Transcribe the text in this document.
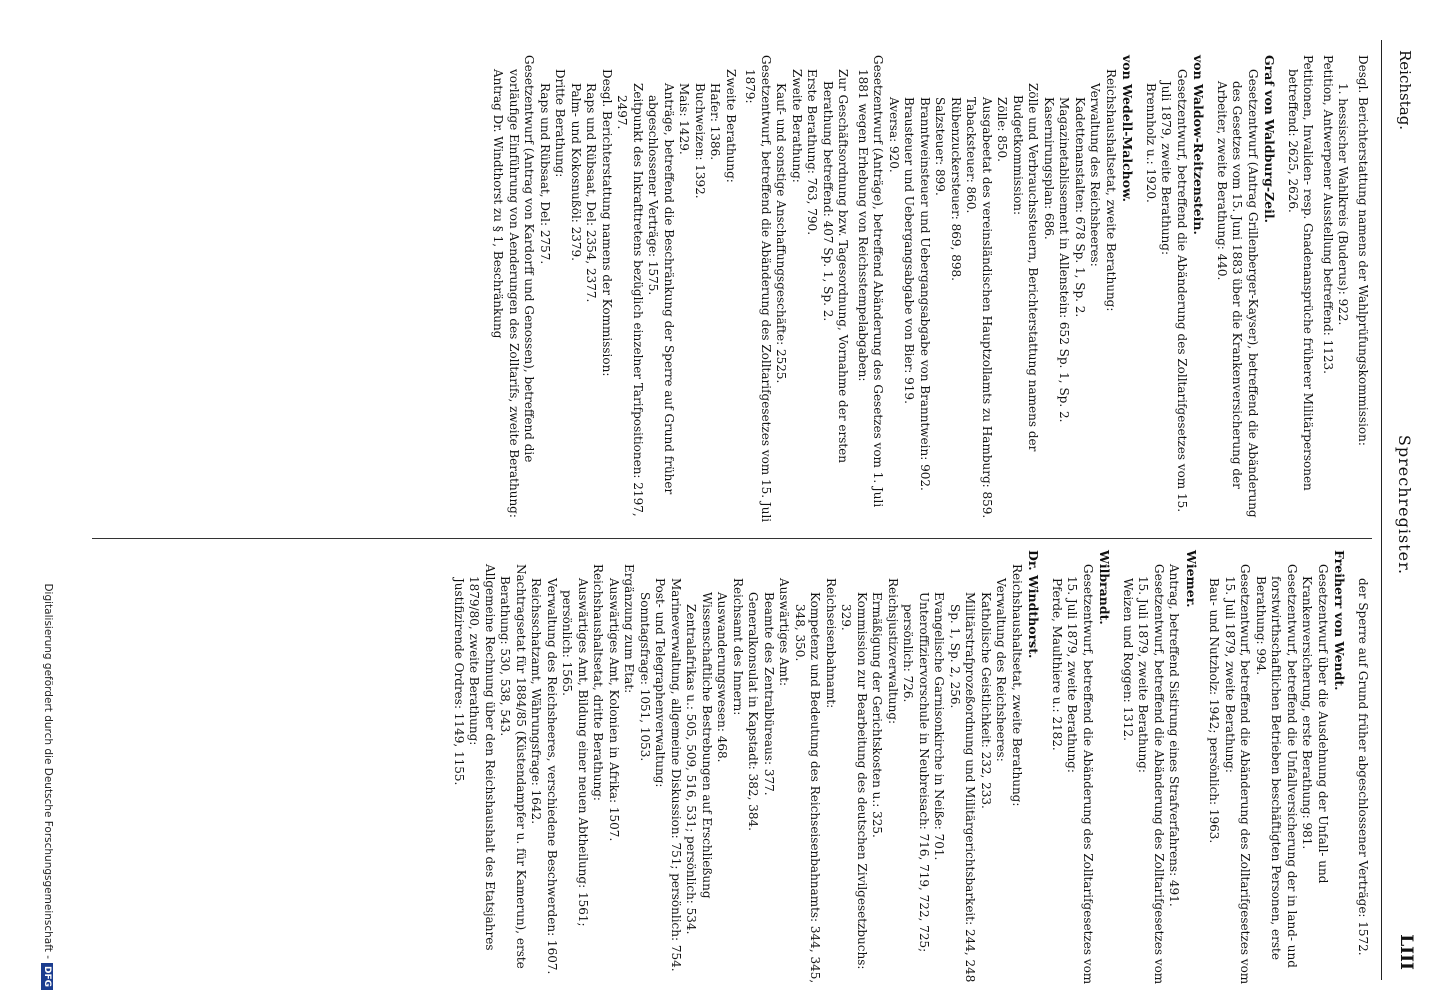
Reichstag.
Sprechregister.
LIII
Desgl. Berichterstattung namens der Wahlprüfungskommission:
1. hessischer Wahlkreis (Buderus): 922.
Petition, Antwerpener Ausstellung betreffend: 1123.
Petitionen, Invaliden- resp. Gnadenansprüche früherer Militärpersonen betreffend: 2625, 2626.
Graf von Waldburg-Zeil.
Gesetzentwurf (Antrag Grillenberger-Kayser), betreffend die Abänderung des Gesetzes vom 15. Juni 1883 über die Krankenversicherung der Arbeiter, zweite Berathung: 440.
von Waldow-Reitzenstein.
Gesetzentwurf, betreffend die Abänderung des Zolltarifgesetzes vom 15. Juli 1879, zweite Berathung:
Brennholz u.: 1920.
von Wedell-Malchow.
Reichshaushaltsetat, zweite Berathung:
Verwaltung des Reichsheeres:
Kadettenanstalten: 678 Sp. 1, Sp. 2.
Magazinetablissement in Allenstein: 652 Sp. 1, Sp. 2.
Kasernirungsplan: 686.
Zölle und Verbrauchssteuern, Berichterstattung namens der Budgetkommission:
Zölle: 850.
Ausgabeetat des vereinsländischen Hauptzollamts zu Hamburg: 859.
Tabacksteuer: 860.
Rübenzuckersteuer: 869, 898.
Salzsteuer: 899.
Branntweinsteuer und Uebergangsabgabe von Branntwein: 902.
Brausteuer und Uebergangsabgabe von Bier: 919.
Aversa: 920.
Gesetzentwurf (Anträge), betreffend Abänderung des Gesetzes vom 1. Juli 1881 wegen Erhebung von Reichsstempelabgaben:
Zur Geschäftsordnung bzw. Tagesordnung, Vornahme der ersten Berathung betreffend: 407 Sp. 1, Sp. 2.
Erste Berathung: 763, 790.
Zweite Berathung:
Kauf- und sonstige Anschaffungsgeschäfte: 2525.
Gesetzentwurf, betreffend die Abänderung des Zolltarifgesetzes vom 15. Juli 1879:
Zweite Berathung:
Hafer: 1386.
Buchweizen: 1392.
Mais: 1429.
Anträge, betreffend die Beschränkung der Sperre auf Grund früher abgeschlossener Verträge: 1575.
Zeitpunkt des Inkrafttretens bezüglich einzelner Tarifpositionen: 2197, 2497.
Desgl. Berichterstattung namens der Kommission:
Raps und Rübsaat, Del: 2354, 2377.
Palm- und Kokosnußöl: 2379.
Dritte Berathung:
Raps und Rübsaat, Del: 2757.
Gesetzentwurf (Antrag von Kardorff und Genossen), betreffend die vorläufige Einführung von Aenderungen des Zolltarifs, zweite Berathung: Antrag Dr. Windthorst zu § 1, Beschränkung
der Sperre auf Grund früher abgeschlossener Verträge: 1572.
Freiherr von Wendt.
Gesetzentwurf über die Ausdehnung der Unfall- und Krankenversicherung, erste Berathung: 981.
Gesetzentwurf, betreffend die Unfallversicherung der in land- und forstwirthschaftlichen Betrieben beschäftigten Personen, erste Berathung: 994.
Gesetzentwurf, betreffend die Abänderung des Zolltarifgesetzes vom 15. Juli 1879, zweite Berathung:
Bau- und Nutzholz: 1942; persönlich: 1963.
Wiemer.
Antrag, betreffend Sistirung eines Strafverfahrens: 491.
Gesetzentwurf, betreffend die Abänderung des Zolltarifgesetzes vom 15. Juli 1879, zweite Berathung:
Weizen und Roggen: 1312.
Wilbrandt.
Gesetzentwurf, betreffend die Abänderung des Zolltarifgesetzes vom 15. Juli 1879, zweite Berathung:
Pferde, Maulthiere u.: 2182.
Dr. Windthorst.
Reichshaushaltsetat, zweite Berathung:
Verwaltung des Reichsheeres:
Katholische Geistlichkeit: 232, 233.
Militärstrafprozeßordnung und Militärgerichtsbarkeit: 244, 248 Sp. 1, Sp. 2, 256.
Evangelische Garnisonkirche in Neiße: 701.
Unteroffiziervorschule in Neubreisach: 716, 719, 722, 725; persönlich: 726.
Reichsjustizverwaltung:
Ermäßigung der Gerichtskosten u.: 325.
Kommission zur Bearbeitung des deutschen Zivilgesetzbuchs: 329.
Reichseisenbahnamt:
Kompetenz und Bedeutung des Reichseisenbahnamts: 344, 345, 348, 350.
Auswärtiges Amt:
Beamte des Zentralbüreaus: 377.
Generalkonsulat in Kapstadt: 382, 384.
Reichsamt des Innern:
Auswanderungswesen: 468.
Wissenschaftliche Bestrebungen auf Erschließung Zentralafrikas u.: 505, 509, 516, 531; persönlich: 534.
Marineverwaltung, allgemeine Diskussion: 751; persönlich: 754.
Post- und Telegraphenverwaltung:
Sonntagsfrage: 1051, 1053.
Ergänzung zum Etat:
Auswärtiges Amt, Kolonien in Afrika: 1507.
Reichshaushaltsetat, dritte Berathung:
Auswärtiges Amt, Bildung einer neuen Abtheilung: 1561; persönlich: 1565.
Verwaltung des Reichsheeres, verschiedene Beschwerden: 1607.
Reichsschatzamt, Währungsfrage: 1642.
Nachtragsetat für 1884/85 (Küstendampfer u. für Kamerun), erste Berathung: 530, 538, 543.
Allgemeine Rechnung über den Reichshaushalt des Etatsjahres 1879/80, zweite Berathung:
Justifizirende Ordres: 1149, 1155.
Digitalisierung gefördert durch die Deutsche Forschungsgemeinschaft -DFG
